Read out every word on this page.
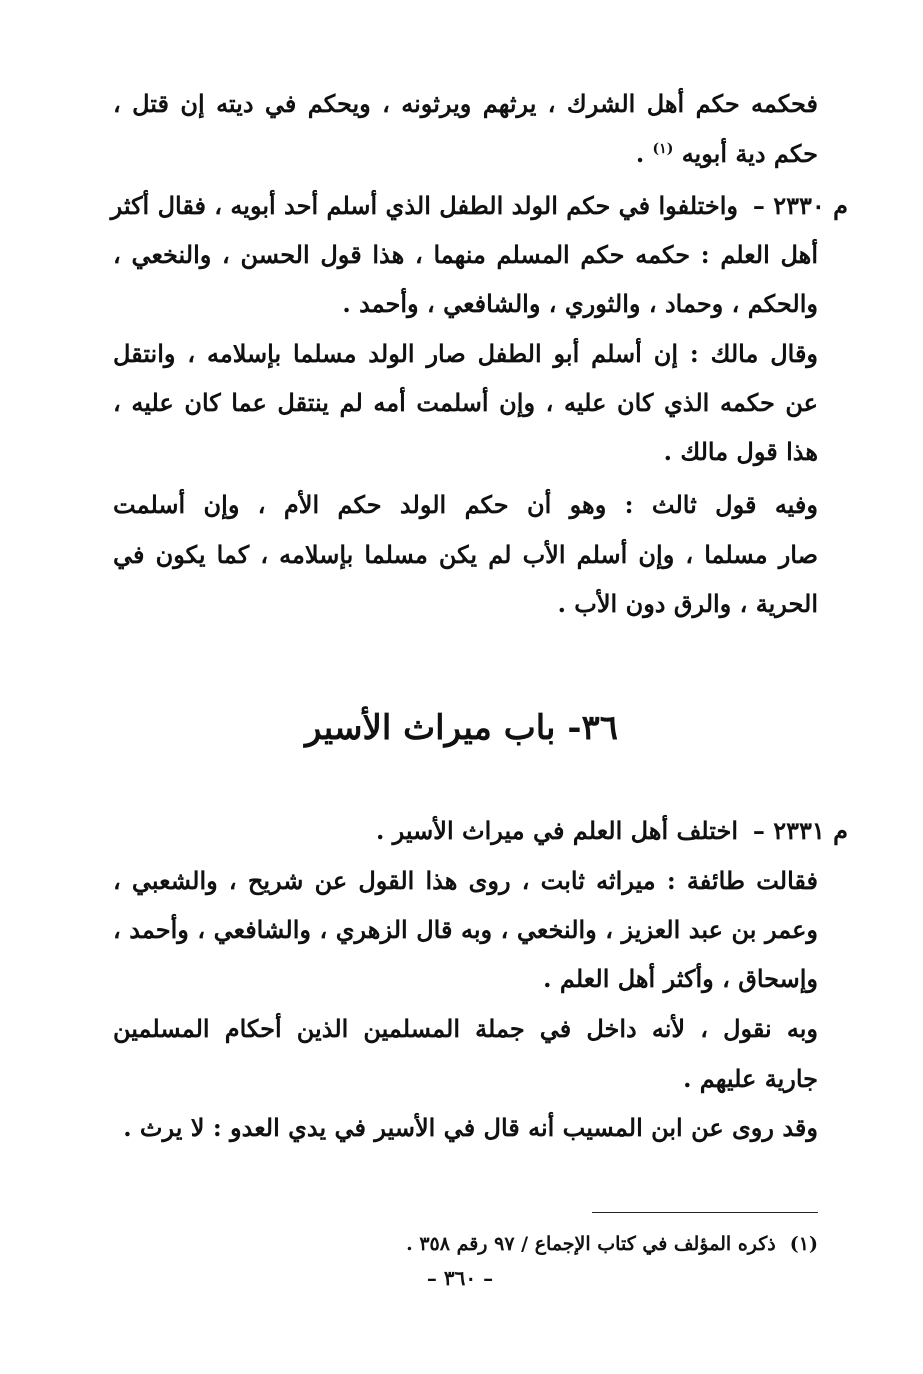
فحكمه حكم أهل الشرك ، يرثهم ويرثونه ، ويحكم في ديته إن قتل ،
حكم دية أبويه $^{(١)}$ .
م ٢٣٣٠ –
واختلفوا في حكم الولد الطفل الذي أسلم أحد أبويه ، فقال أكثر
أهل العلم : حكمه حكم المسلم منهما ، هذا قول الحسن ، والنخعي ،
والحكم ، وحماد ، والثوري ، والشافعي ، وأحمد .
وقال مالك : إن أسلم أبو الطفل صار الولد مسلما بإسلامه ، وانتقل
عن حكمه الذي كان عليه ، وإن أسلمت أمه لم ينتقل عما كان عليه ،
هذا قول مالك .
وفيه قول ثالث : وهو أن حكم الولد حكم الأم ، وإن أسلمت
صار مسلما ، وإن أسلم الأب لم يكن مسلما بإسلامه ، كما يكون في
الحرية ، والرق دون الأب .
٣٦- باب ميراث الأسير
م ٢٣٣١ –
اختلف أهل العلم في ميراث الأسير .
فقالت طائفة : ميراثه ثابت ، روى هذا القول عن شريح ، والشعبي ،
وعمر بن عبد العزيز ، والنخعي ، وبه قال الزهري ، والشافعي ، وأحمد ،
وإسحاق ، وأكثر أهل العلم .
وبه نقول ، لأنه داخل في جملة المسلمين الذين أحكام المسلمين
جارية عليهم .
وقد روى عن ابن المسيب أنه قال في الأسير في يدي العدو : لا يرث .
(١)ذكره المؤلف في كتاب الإجماع / ٩٧ رقم ٣٥٨ .
– ٣٦٠ –
